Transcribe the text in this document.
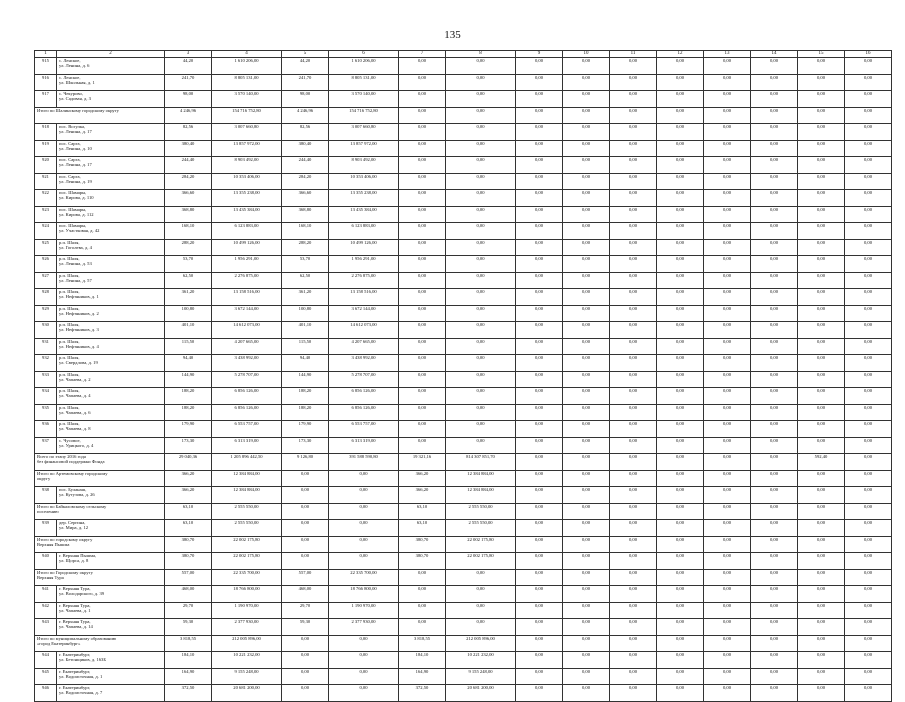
135
1	2	3	4	5	6	7	8	9	10	11	12	13	14	15	16
915	с. Ленское,
ул. Ленина, д. 6	44,20	1 610 206,00	44,20	1 610 206,00	0,00	0,00	0,00	0,00	0,00	0,00	0,00	0,00	0,00	0,00
916	с. Ленское,
ул. Школьная, д. 1	241,70	8 805 131,00	241,70	8 805 131,00	0,00	0,00	0,00	0,00	0,00	0,00	0,00	0,00	0,00	0,00
917	с. Чекурово,
ул. Садовая, д. 3	98,00	3 570 140,00	98,00	3 570 140,00	0,00	0,00	0,00	0,00	0,00	0,00	0,00	0,00	0,00	0,00

Итого по Шалинскому городскому округу		4 246,96	154 716 752,80	4 246,96	154 716 752,80	0,00	0,00	0,00	0,00	0,00	0,00	0,00	0,00	0,00	0,00
918	пос. Вогулка,
ул. Ленина, д. 17	82,56	3 007 660,80	82,56	3 007 660,80	0,00	0,00	0,00	0,00	0,00	0,00	0,00	0,00	0,00	0,00
919	пос. Сарга,
ул. Ленина, д. 10	380,40	13 857 972,00	380,40	13 857 972,00	0,00	0,00	0,00	0,00	0,00	0,00	0,00	0,00	0,00	0,00
920	пос. Сарга,
ул. Ленина, д. 17	244,40	8 903 492,00	244,40	8 903 492,00	0,00	0,00	0,00	0,00	0,00	0,00	0,00	0,00	0,00	0,00
921	пос. Сарга,
ул. Ленина, д. 19	284,20	10 353 406,00	284,20	10 353 406,00	0,00	0,00	0,00	0,00	0,00	0,00	0,00	0,00	0,00	0,00
922	пос. Шамары,
ул. Кирова, д. 110	366,60	13 355 238,00	366,60	13 355 238,00	0,00	0,00	0,00	0,00	0,00	0,00	0,00	0,00	0,00	0,00
923	пос. Шамары,
ул. Кирова, д. 112	368,80	13 435 384,00	368,80	13 435 384,00	0,00	0,00	0,00	0,00	0,00	0,00	0,00	0,00	0,00	0,00
924	пос. Шамары,
ул. Участковая, д. 42	168,10	6 123 883,00	168,10	6 123 883,00	0,00	0,00	0,00	0,00	0,00	0,00	0,00	0,00	0,00	0,00
925	р.п. Шаля,
ул. Гоголева, д. 4	288,20	10 499 126,00	288,20	10 499 126,00	0,00	0,00	0,00	0,00	0,00	0,00	0,00	0,00	0,00	0,00
926	р.п. Шаля,
ул. Ленина, д. 53	53,70	1 956 291,00	53,70	1 956 291,00	0,00	0,00	0,00	0,00	0,00	0,00	0,00	0,00	0,00	0,00
927	р.п. Шаля,
ул. Ленина, д. 57	62,50	2 276 875,00	62,50	2 276 875,00	0,00	0,00	0,00	0,00	0,00	0,00	0,00	0,00	0,00	0,00
928	р.п. Шаля,
ул. Нефтяников, д. 1	361,20	13 158 516,00	361,20	13 158 516,00	0,00	0,00	0,00	0,00	0,00	0,00	0,00	0,00	0,00	0,00
929	р.п. Шаля,
ул. Нефтяников, д. 2	100,80	3 672 144,00	100,80	3 672 144,00	0,00	0,00	0,00	0,00	0,00	0,00	0,00	0,00	0,00	0,00
930	р.п. Шаля,
ул. Нефтяников, д. 3	401,10	14 612 073,00	401,10	14 612 073,00	0,00	0,00	0,00	0,00	0,00	0,00	0,00	0,00	0,00	0,00
931	р.п. Шаля,
ул. Нефтяников, д. 4	115,50	4 207 665,00	115,50	4 207 665,00	0,00	0,00	0,00	0,00	0,00	0,00	0,00	0,00	0,00	0,00
932	р.п. Шаля,
ул. Свердлова, д. 19	94,40	3 438 992,00	94,40	3 438 992,00	0,00	0,00	0,00	0,00	0,00	0,00	0,00	0,00	0,00	0,00
933	р.п. Шаля,
ул. Чапаева, д. 2	144,90	5 278 707,00	144,90	5 278 707,00	0,00	0,00	0,00	0,00	0,00	0,00	0,00	0,00	0,00	0,00
934	р.п. Шаля,
ул. Чапаева, д. 4	188,20	6 856 126,00	188,20	6 856 126,00	0,00	0,00	0,00	0,00	0,00	0,00	0,00	0,00	0,00	0,00
935	р.п. Шаля,
ул. Чапаева, д. 6	188,20	6 856 126,00	188,20	6 856 126,00	0,00	0,00	0,00	0,00	0,00	0,00	0,00	0,00	0,00	0,00
936	р.п. Шаля,
ул. Чапаева, д. 8	179,90	6 553 757,00	179,90	6 553 757,00	0,00	0,00	0,00	0,00	0,00	0,00	0,00	0,00	0,00	0,00
937	с. Чусовое,
ул. Урицкого, д. 4	173,30	6 313 319,00	173,30	6 313 319,00	0,00	0,00	0,00	0,00	0,00	0,00	0,00	0,00	0,00	0,00

Всего по этапу 2016 года
без финансовой поддержки Фонда		29 040,36	1 205 896 442,50	9 126,80	391 588 590,80	19 321,16	814 307 851,70	0,00	0,00	0,00	0,00	0,00	0,00	592,40	0,00

Итого по Артемовскому городскому
округу		366,20	12 384 884,00	0,00	0,00	366,20	12 384 884,00	0,00	0,00	0,00	0,00	0,00	0,00	0,00	0,00
938	пос. Буланаш,
ул. Кутузова, д. 26	366,20	12 384 884,00	0,00	0,00	366,20	12 384 884,00	0,00	0,00	0,00	0,00	0,00	0,00	0,00	0,00

Итого по Байкаловскому сельскому
поселению		63,10	2 555 550,00	0,00	0,00	63,10	2 555 550,00	0,00	0,00	0,00	0,00	0,00	0,00	0,00	0,00
939	дер. Сергина,
ул. Мира, д. 12	63,10	2 555 550,00	0,00	0,00	63,10	2 555 550,00	0,00	0,00	0,00	0,00	0,00	0,00	0,00	0,00

Итого по городскому округу
Верхняя Пышма		380,70	22 002 175,80	0,00	0,00	380,70	22 002 175,80	0,00	0,00	0,00	0,00	0,00	0,00	0,00	0,00
940	г. Верхняя Пышма,
ул. Щорса, д. 8	380,70	22 002 175,80	0,00	0,00	380,70	22 002 175,80	0,00	0,00	0,00	0,00	0,00	0,00	0,00	0,00

Итого по Городскому округу
Верхняя Тура		557,00	22 335 700,00	557,00	22 335 700,00	0,00	0,00	0,00	0,00	0,00	0,00	0,00	0,00	0,00	0,00
941	г. Верхняя Тура,
ул. Володарского, д. 39	468,00	18 766 800,00	468,00	18 766 800,00	0,00	0,00	0,00	0,00	0,00	0,00	0,00	0,00	0,00	0,00
942	г. Верхняя Тура,
ул. Чапаева, д. 1	29,70	1 190 970,00	29,70	1 190 970,00	0,00	0,00	0,00	0,00	0,00	0,00	0,00	0,00	0,00	0,00
943	г. Верхняя Тура,
ул. Чапаева, д. 14	59,30	2 377 930,00	59,30	2 377 930,00	0,00	0,00	0,00	0,00	0,00	0,00	0,00	0,00	0,00	0,00

Итого по муниципальному образованию
«город Екатеринбург»		3 818,55	212 005 896,00	0,00	0,00	3 818,55	212 005 896,00	0,00	0,00	0,00	0,00	0,00	0,00	0,00	0,00
944	г. Екатеринбург,
ул. Бетонщиков, д. 163Б	184,10	10 221 232,00	0,00	0,00	184,10	10 221 232,00	0,00	0,00	0,00	0,00	0,00	0,00	0,00	0,00
945	г. Екатеринбург,
ул. Водоисточная, д. 1	164,90	9 155 248,00	0,00	0,00	164,90	9 155 248,00	0,00	0,00	0,00	0,00	0,00	0,00	0,00	0,00
946	г. Екатеринбург,
ул. Водоисточная, д. 7	372,50	20 681 200,00	0,00	0,00	372,50	20 681 200,00	0,00	0,00	0,00	0,00	0,00	0,00	0,00	0,00
